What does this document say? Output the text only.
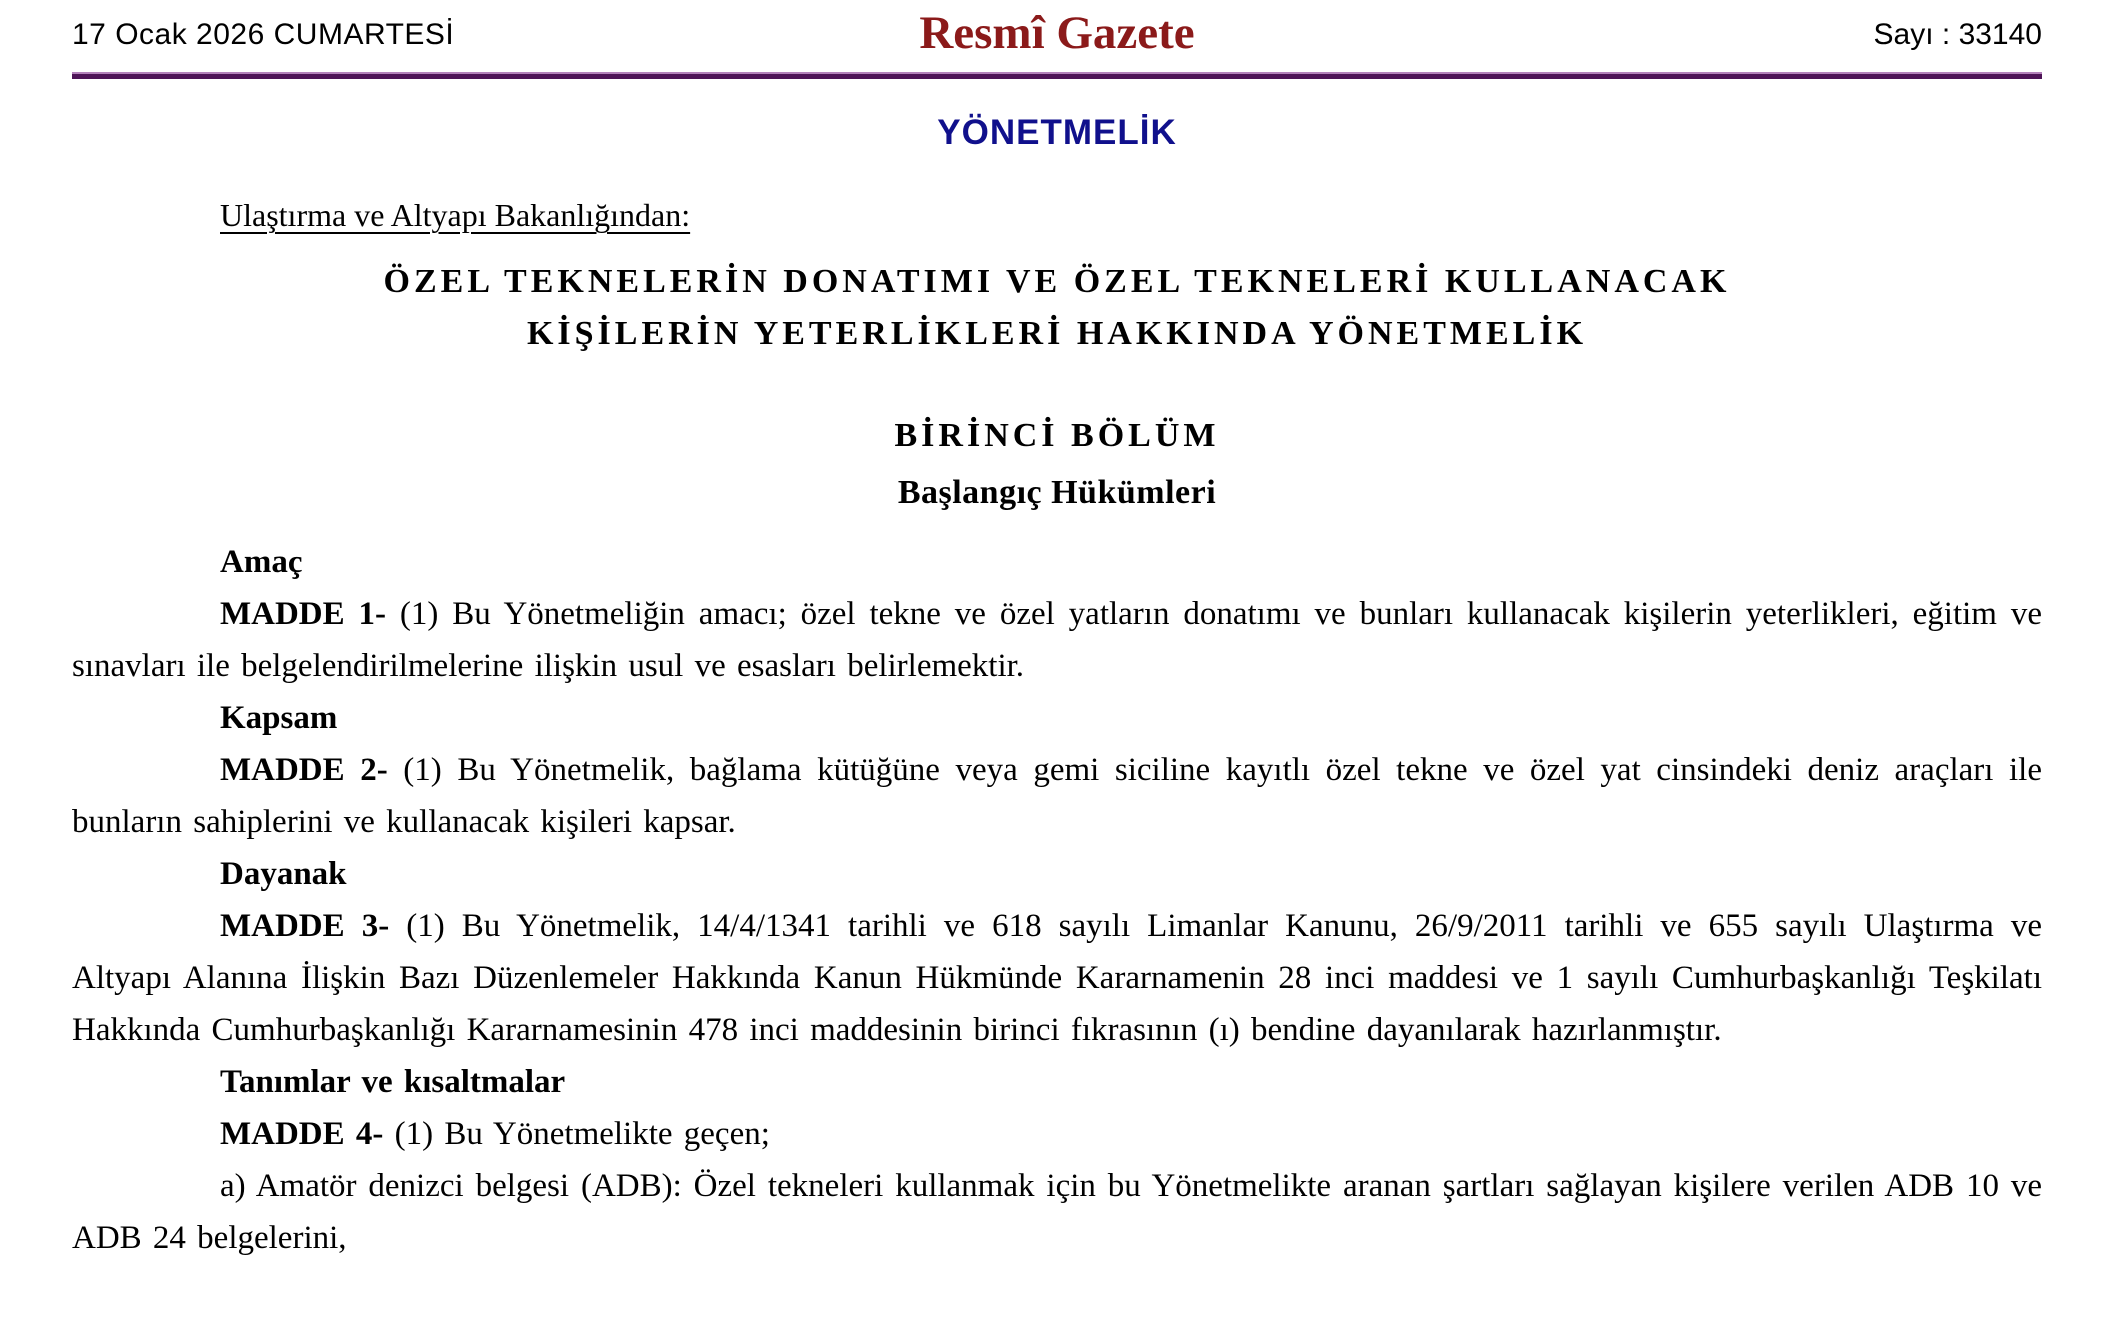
17 Ocak 2026 CUMARTESİ	Resmî Gazete	Sayı : 33140
YÖNETMELİK
Ulaştırma ve Altyapı Bakanlığından:
ÖZEL TEKNELERİN DONATIMI VE ÖZEL TEKNELERİ KULLANACAK
KİŞİLERİN YETERLİKLERİ HAKKINDA YÖNETMELİK
BİRİNCİ BÖLÜM
Başlangıç Hükümleri

Amaç

MADDE 1- (1) Bu Yönetmeliğin amacı; özel tekne ve özel yatların donatımı ve bunları kullanacak kişilerin yeterlikleri, eğitim ve sınavları ile belgelendirilmelerine ilişkin usul ve esasları belirlemektir.

Kapsam

MADDE 2- (1) Bu Yönetmelik, bağlama kütüğüne veya gemi siciline kayıtlı özel tekne ve özel yat cinsindeki deniz araçları ile bunların sahiplerini ve kullanacak kişileri kapsar.

Dayanak

MADDE 3- (1) Bu Yönetmelik, 14/4/1341 tarihli ve 618 sayılı Limanlar Kanunu, 26/9/2011 tarihli ve 655 sayılı Ulaştırma ve Altyapı Alanına İlişkin Bazı Düzenlemeler Hakkında Kanun Hükmünde Kararnamenin 28 inci maddesi ve 1 sayılı Cumhurbaşkanlığı Teşkilatı Hakkında Cumhurbaşkanlığı Kararnamesinin 478 inci maddesinin birinci fıkrasının (ı) bendine dayanılarak hazırlanmıştır.

Tanımlar ve kısaltmalar

MADDE 4- (1) Bu Yönetmelikte geçen;

a) Amatör denizci belgesi (ADB): Özel tekneleri kullanmak için bu Yönetmelikte aranan şartları sağlayan kişilere verilen ADB 10 ve ADB 24 belgelerini,
